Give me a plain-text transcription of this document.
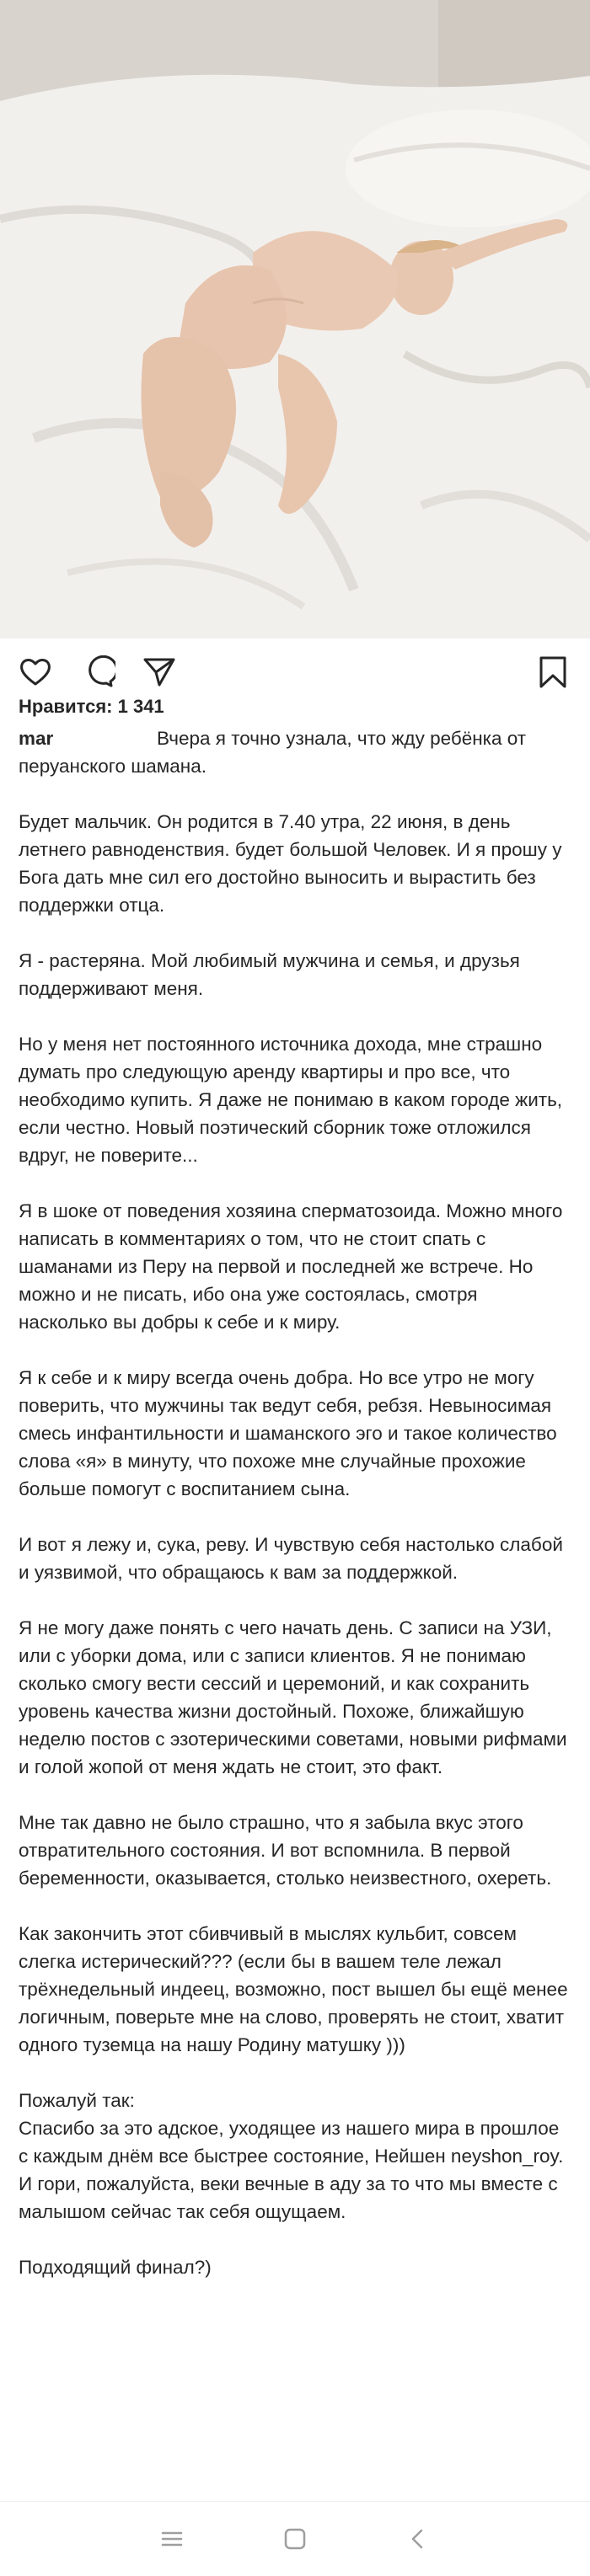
Нравится: 1 341

mar	Вчера я точно узнала, что жду ребёнка от перуанского шамана.

Будет мальчик. Он родится в 7.40 утра, 22 июня, в день летнего равноденствия. будет большой Человек. И я прошу у Бога дать мне сил его достойно выносить и вырастить без поддержки отца.

Я - растеряна. Мой любимый мужчина и семья, и друзья поддерживают меня.

Но у меня нет постоянного источника дохода, мне страшно думать про следующую аренду квартиры и про все, что необходимо купить. Я даже не понимаю в каком городе жить, если честно. Новый поэтический сборник тоже отложился вдруг, не поверите...

Я в шоке от поведения хозяина сперматозоида. Можно много написать в комментариях о том, что не стоит спать с шаманами из Перу на первой и последней же встрече. Но можно и не писать, ибо она уже состоялась, смотря насколько вы добры к себе и к миру.

Я к себе и к миру всегда очень добра. Но все утро не могу поверить, что мужчины так ведут себя, ребзя. Невыносимая смесь инфантильности и шаманского эго и такое количество слова «я» в минуту, что похоже мне случайные прохожие больше помогут с воспитанием сына.

И вот я лежу и, сука, реву. И чувствую себя настолько слабой и уязвимой, что обращаюсь к вам за поддержкой.

Я не могу даже понять с чего начать день. С записи на УЗИ, или с уборки дома, или с записи клиентов. Я не понимаю сколько смогу вести сессий и церемоний, и как сохранить уровень качества жизни достойный. Похоже, ближайшую неделю постов с эзотерическими советами, новыми рифмами и голой жопой от меня ждать не стоит, это факт.

Мне так давно не было страшно, что я забыла вкус этого отвратительного состояния. И вот вспомнила. В первой беременности, оказывается, столько неизвестного, охереть.

Как закончить этот сбивчивый в мыслях кульбит, совсем слегка истерический??? (если бы в вашем теле лежал трёхнедельный индеец, возможно, пост вышел бы ещё менее логичным, поверьте мне на слово, проверять не стоит, хватит одного туземца на нашу Родину матушку )))

Пожалуй так:
Спасибо за это адское, уходящее из нашего мира в прошлое с каждым днём все быстрее состояние, Нейшен neyshon_roy. И гори, пожалуйста, веки вечные в аду за то что мы вместе с малышом сейчас так себя ощущаем.

Подходящий финал?)
